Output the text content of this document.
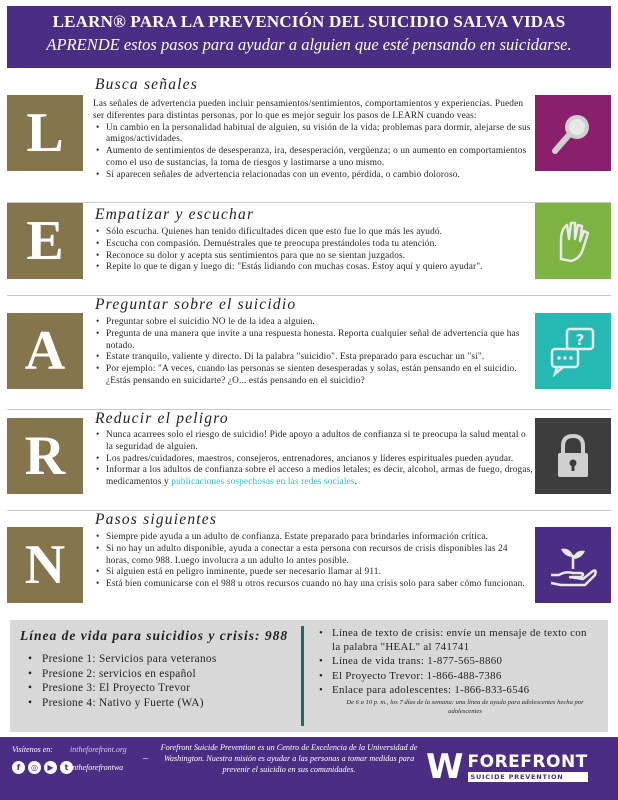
LEARN® PARA LA PREVENCIÓN DEL SUICIDIO SALVA VIDAS
APRENDE estos pasos para ayudar a alguien que esté pensando en suicidarse.
L
Busca señales

Las señales de advertencia pueden incluir pensamientos/sentimientos, comportamientos y experiencias. Pueden ser diferentes para distintas personas, por lo que es mejor seguir los pasos de LEARN cuando veas:

• Un cambio en la personalidad habitual de alguien, su visión de la vida; problemas para dormir, alejarse de sus amigos/actividades.
• Aumento de sentimientos de desesperanza, ira, desesperación, vergüenza; o un aumento en comportamientos como el uso de sustancias, la toma de riesgos y lastimarse a uno mismo.
• Si aparecen señales de advertencia relacionadas con un evento, pérdida, o cambio doloroso.
E	Empatizar y escuchar
• Sólo escucha. Quienes han tenido dificultades dicen que esto fue lo que más les ayudó.
• Escucha con compasión. Demuéstrales que te preocupa prestándoles toda tu atención.
• Reconoce su dolor y acepta sus sentimientos para que no se sientan juzgados.
• Repite lo que te digan y luego di: "Estás lidiando con muchas cosas. Estoy aquí y quiero ayudar".
A
Preguntar sobre el suicidio
• Preguntar sobre el suicidio NO le de la idea a alguien.
• Pregunta de una manera que invite a una respuesta honesta. Reporta cualquier señal de advertencia que has notado.
• Estate tranquilo, valiente y directo. Di la palabra "suicidio". Esta preparado para escuchar un "sí".
• Por ejemplo: "A veces, cuando las personas se sienten desesperadas y solas, están pensando en el suicidio. ¿Estás pensando en suicidarte? ¿O... estás pensando en el suicidio?
?
R
Reducir el peligro
• Nunca acarrees solo el riesgo de suicidio! Pide apoyo a adultos de confianza si te preocupa la salud mental o la seguridad de alguien.
• Los padres/cuidadores, maestros, consejeros, entrenadores, ancianos y líderes espirituales pueden ayudar.
• Informar a los adultos de confianza sobre el acceso a medios letales; es decir, alcohol, armas de fuego, drogas, medicamentos y publicaciones sospechosas en las redes sociales.
N
Pasos siguientes
• Siempre pide ayuda a un adulto de confianza. Estate preparado para brindarles información crítica.
• Si no hay un adulto disponible, ayuda a conectar a esta persona con recursos de crisis disponibles las 24 horas, como 988. Luego involucra a un adulto lo antes posible.
• Si alguien está en peligro inminente, puede ser necesario llamar al 911.
• Está bien comunicarse con el 988 u otros recursos cuando no hay una crisis solo para saber cómo funcionan.
Línea de vida para suicidios y crisis: 988
• Presione 1: Servicios para veteranos
• Presione 2: servicios en español
• Presione 3: El Proyecto Trevor
• Presione 4: Nativo y Fuerte (WA)
• Línea de texto de crisis: envíe un mensaje de texto con la palabra "HEAL" al 741741
• Línea de vida trans: 1-877-565-8860
• El Proyecto Trevor: 1-866-488-7386
• Enlace para adolescentes: 1-866-833-6546
De 6 a 10 p. m., los 7 días de la semana: una línea de ayuda para adolescentes hecha por adolescentes
Visítenos en: intheforefront.org
f	◎	▶	t intheforefrontwa
–
Forefront Suicide Prevention es un Centro de Excelencia de la Universidad de Washington. Nuestra misión es ayudar a las personas a tomar medidas para prevenir el suicidio en sus comunidades.	W FOREFRONT
SUICIDE PREVENTION
